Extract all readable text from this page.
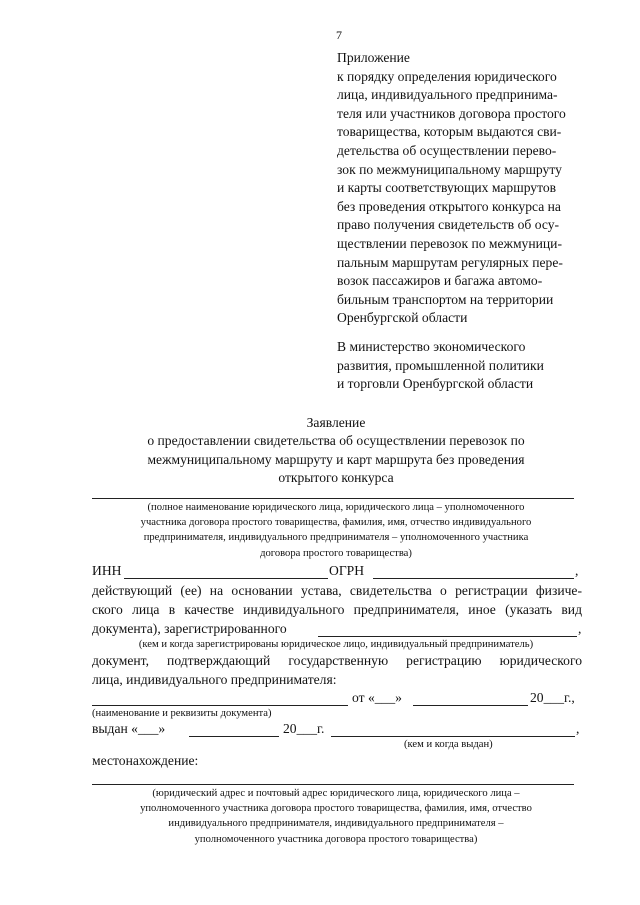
7
Приложение
к порядку определения юридического
лица, индивидуального предпринима-
теля или участников договора простого
товарищества, которым выдаются сви-
детельства об осуществлении перево-
зок по межмуниципальному маршруту
и карты соответствующих маршрутов
без проведения открытого конкурса на
право получения свидетельств об осу-
ществлении перевозок по межмуници-
пальным маршрутам регулярных пере-
возок пассажиров и багажа автомо-
бильным транспортом на территории
Оренбургской области
В министерство экономического
развития, промышленной политики
и торговли Оренбургской области
Заявление
о предоставлении свидетельства об осуществлении перевозок по
межмуниципальному маршруту и карт маршрута без проведения
открытого конкурса
(полное наименование юридического лица, юридического лица – уполномоченного
участника договора простого товарищества, фамилия, имя, отчество индивидуального
предпринимателя, индивидуального предпринимателя – уполномоченного участника
договора простого товарищества)
ИНН	ОГРН	,
действующий (ее) на основании устава, свидетельства о регистрации физиче-
ского лица в качестве индивидуального предпринимателя, иное (указать вид
документа), зарегистрированного	,
(кем и когда зарегистрированы юридическое лицо, индивидуальный предприниматель)
документ, подтверждающий государственную регистрацию юридического
лица, индивидуального предпринимателя:
от «___»	20___г.,
(наименование и реквизиты документа)
выдан «___»	20___г.	,
(кем и когда выдан)
местонахождение:
(юридический адрес и почтовый адрес юридического лица, юридического лица –
уполномоченного участника договора простого товарищества, фамилия, имя, отчество
индивидуального предпринимателя, индивидуального предпринимателя –
уполномоченного участника договора простого товарищества)
